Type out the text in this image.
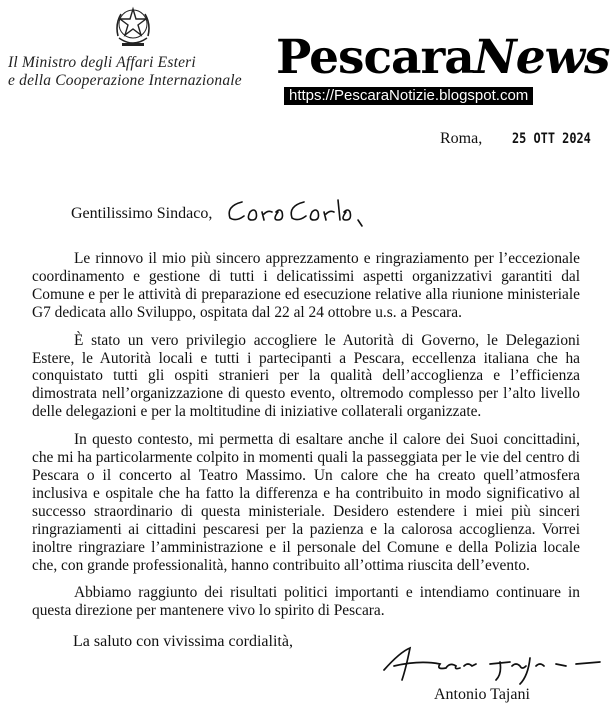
Il Ministro degli Affari Esteri
e della Cooperazione Internazionale PescaraNews
https://PescaraNotizie.blogspot.com
Roma, 25 OTT 2024
Gentilissimo Sindaco,

Le rinnovo il mio più sincero apprezzamento e ringraziamento per l’eccezionale coordinamento e gestione di tutti i delicatissimi aspetti organizzativi garantiti dal Comune e per le attività di preparazione ed esecuzione relative alla riunione ministeriale G7 dedicata allo Sviluppo, ospitata dal 22 al 24 ottobre u.s. a Pescara.

È stato un vero privilegio accogliere le Autorità di Governo, le Delegazioni Estere, le Autorità locali e tutti i partecipanti a Pescara, eccellenza italiana che ha conquistato tutti gli ospiti stranieri per la qualità dell’accoglienza e l’efficienza dimostrata nell’organizzazione di questo evento, oltremodo complesso per l’alto livello delle delegazioni e per la moltitudine di iniziative collaterali organizzate.

In questo contesto, mi permetta di esaltare anche il calore dei Suoi concittadini, che mi ha particolarmente colpito in momenti quali la passeggiata per le vie del centro di Pescara o il concerto al Teatro Massimo. Un calore che ha creato quell’atmosfera inclusiva e ospitale che ha fatto la differenza e ha contribuito in modo significativo al successo straordinario di questa ministeriale. Desidero estendere i miei più sinceri ringraziamenti ai cittadini pescaresi per la pazienza e la calorosa accoglienza. Vorrei inoltre ringraziare l’amministrazione e il personale del Comune e della Polizia locale che, con grande professionalità, hanno contribuito all’ottima riuscita dell’evento.

Abbiamo raggiunto dei risultati politici importanti e intendiamo continuare in questa direzione per mantenere vivo lo spirito di Pescara.

La saluto con vivissima cordialità,
Antonio Tajani
